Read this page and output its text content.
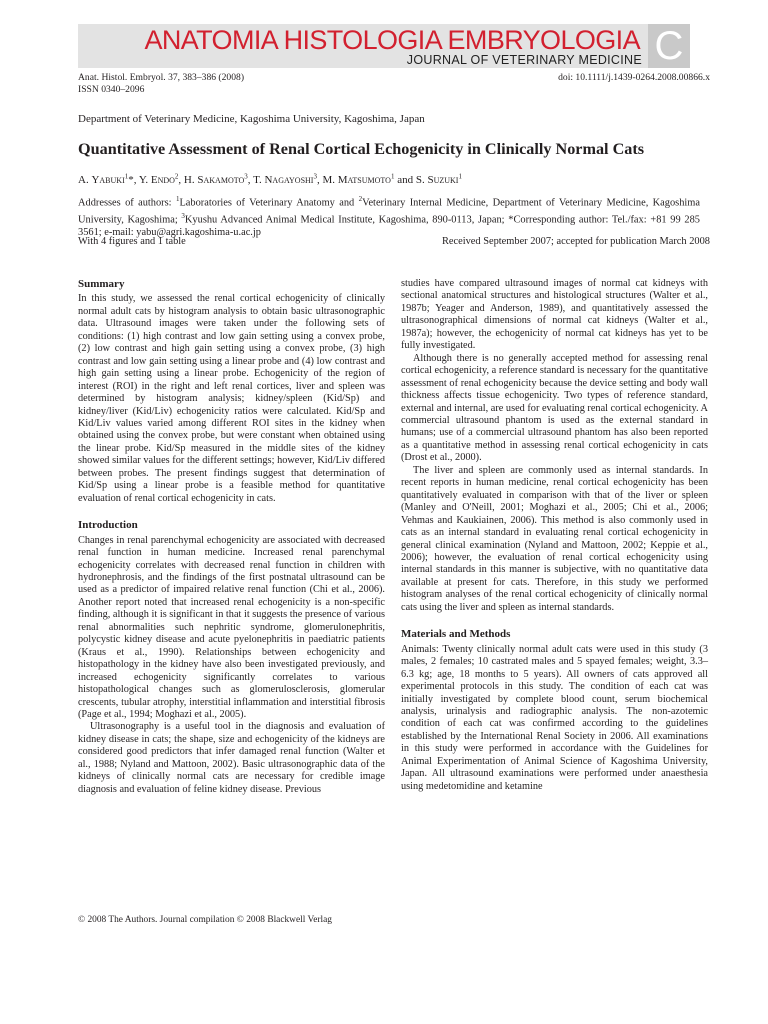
ANATOMIA HISTOLOGIA EMBRYOLOGIA
JOURNAL OF VETERINARY MEDICINE C
Anat. Histol. Embryol. 37, 383–386 (2008)
ISSN 0340–2096
doi: 10.1111/j.1439-0264.2008.00866.x
Department of Veterinary Medicine, Kagoshima University, Kagoshima, Japan
Quantitative Assessment of Renal Cortical Echogenicity in Clinically Normal Cats
A. Yabuki$^1$*, Y. Endo$^2$, H. Sakamoto$^3$, T. Nagayoshi$^3$, M. Matsumoto$^1$ and S. Suzuki$^1$
Addresses of authors: $^1$Laboratories of Veterinary Anatomy and $^2$Veterinary Internal Medicine, Department of Veterinary Medicine, Kagoshima University, Kagoshima; $^3$Kyushu Advanced Animal Medical Institute, Kagoshima, 890-0113, Japan; *Corresponding author: Tel./fax: +81 99 285 3561; e-mail: yabu@agri.kagoshima-u.ac.jp
With 4 figures and 1 table	Received September 2007; accepted for publication March 2008
Summary

In this study, we assessed the renal cortical echogenicity of clinically normal adult cats by histogram analysis to obtain basic ultrasonographic data. Ultrasound images were taken under the following sets of conditions: (1) high contrast and low gain setting using a convex probe, (2) low contrast and high gain setting using a convex probe, (3) high contrast and low gain setting using a linear probe and (4) low contrast and high gain setting using a linear probe. Echogenicity of the region of interest (ROI) in the right and left renal cortices, liver and spleen was determined by histogram analysis; kidney/spleen (Kid/Sp) and kidney/liver (Kid/Liv) echogenicity ratios were calculated. Kid/Sp and Kid/Liv values varied among different ROI sites in the kidney when obtained using the convex probe, but were constant when obtained using the linear probe. Kid/Sp measured in the middle sites of the kidney showed similar values for the different settings; however, Kid/Liv differed between probes. The present findings suggest that determination of Kid/Sp using a linear probe is a feasible method for quantitative evaluation of renal cortical echogenicity in cats.

Introduction

Changes in renal parenchymal echogenicity are associated with decreased renal function in human medicine. Increased renal parenchymal echogenicity correlates with decreased renal function in children with hydronephrosis, and the findings of the first postnatal ultrasound can be used as a predictor of impaired relative renal function (Chi et al., 2006). Another report noted that increased renal echogenicity is a non-specific finding, although it is significant in that it suggests the presence of various renal abnormalities such nephritic syndrome, glomerulonephritis, polycystic kidney disease and acute pyelonephritis in paediatric patients (Kraus et al., 1990). Relationships between echogenicity and histopathology in the kidney have also been investigated previously, and increased echogenicity significantly correlates to various histopathological changes such as glomerulosclerosis, glomerular crescents, tubular atrophy, interstitial inflammation and interstitial fibrosis (Page et al., 1994; Moghazi et al., 2005).

Ultrasonography is a useful tool in the diagnosis and evaluation of kidney disease in cats; the shape, size and echogenicity of the kidneys are considered good predictors that infer damaged renal function (Walter et al., 1988; Nyland and Mattoon, 2002). Basic ultrasonographic data of the kidneys of clinically normal cats are necessary for credible image diagnosis and evaluation of feline kidney disease. Previous

studies have compared ultrasound images of normal cat kidneys with sectional anatomical structures and histological structures (Walter et al., 1987b; Yeager and Anderson, 1989), and quantitatively assessed the ultrasonographical dimensions of normal cat kidneys (Walter et al., 1987a); however, the echogenicity of normal cat kidneys has yet to be fully investigated.

Although there is no generally accepted method for assessing renal cortical echogenicity, a reference standard is necessary for the quantitative assessment of renal echogenicity because the device setting and body wall thickness affects tissue echogenicity. Two types of reference standard, external and internal, are used for evaluating renal cortical echogenicity. A commercial ultrasound phantom is used as the external standard in humans; use of a commercial ultrasound phantom has also been reported as a quantitative method in assessing renal cortical echogenicity in cats (Drost et al., 2000).

The liver and spleen are commonly used as internal standards. In recent reports in human medicine, renal cortical echogenicity has been quantitatively evaluated in comparison with that of the liver or spleen (Manley and O'Neill, 2001; Moghazi et al., 2005; Chi et al., 2006; Vehmas and Kaukiainen, 2006). This method is also commonly used in cats as an internal standard in evaluating renal cortical echogenicity in general clinical examination (Nyland and Mattoon, 2002; Keppie et al., 2006); however, the evaluation of renal cortical echogenicity using internal standards in this manner is subjective, with no quantitative data available at present for cats. Therefore, in this study we performed histogram analyses of the renal cortical echogenicity of clinically normal cats using the liver and spleen as internal standards.

Materials and Methods

Animals: Twenty clinically normal adult cats were used in this study (3 males, 2 females; 10 castrated males and 5 spayed females; weight, 3.3–6.3 kg; age, 18 months to 5 years). All owners of cats approved all experimental protocols in this study. The condition of each cat was initially investigated by complete blood count, serum biochemical analysis, urinalysis and radiographic analysis. The non-azotemic condition of each cat was confirmed according to the guidelines established by the International Renal Society in 2006. All examinations in this study were performed in accordance with the Guidelines for Animal Experimentation of Animal Science of Kagoshima University, Japan. All ultrasound examinations were performed under anaesthesia using medetomidine and ketamine

© 2008 The Authors. Journal compilation © 2008 Blackwell Verlag
